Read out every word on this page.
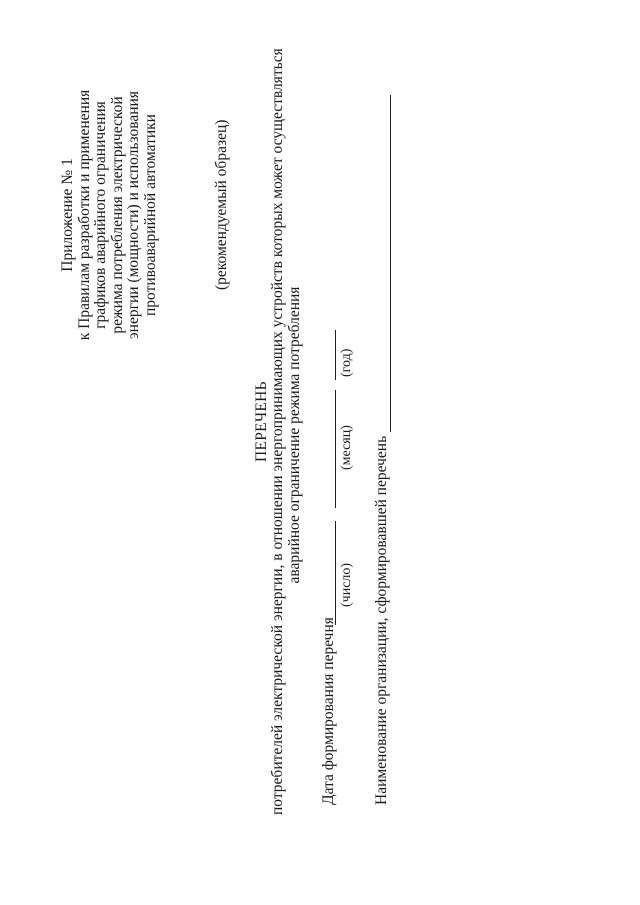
Приложение № 1 к Правилам разработки и применения графиков аварийного ограничения режима потребления электрической энергии (мощности) и использования противоаварийной автоматики	(рекомендуемый образец)
ПЕРЕЧЕНЬ потребителей электрической энергии, в отношении энергопринимающих устройств которых может осуществляться аварийное ограничение режима потребления
Дата формирования перечня
(число)
(месяц)
(год)
Наименование организации, сформировавшей перечень
